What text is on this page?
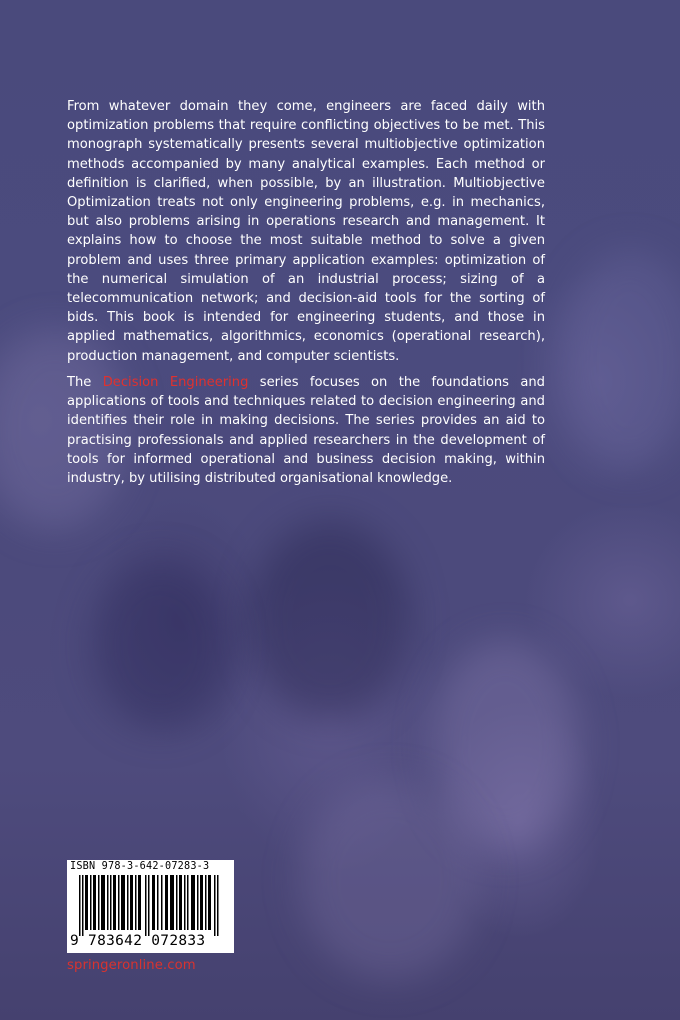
From whatever domain they come, engineers are faced daily with optimization problems that require conflicting objectives to be met. This monograph systematically presents several multiobjective optimization methods accompanied by many analytical examples. Each method or definition is clarified, when possible, by an illustration. Multiobjective Optimization treats not only engineering problems, e.g. in mechanics, but also problems arising in operations research and management. It explains how to choose the most suitable method to solve a given problem and uses three primary application examples: optimization of the numerical simulation of an industrial process; sizing of a telecommunication network; and decision-aid tools for the sorting of bids. This book is intended for engineering students, and those in applied mathematics, algorithmics, economics (operational research), production management, and computer scientists.
The Decision Engineering series focuses on the foundations and applications of tools and techniques related to decision engineering and identifies their role in making decisions. The series provides an aid to practising professionals and applied researchers in the development of tools for informed operational and business decision making, within industry, by utilising distributed organisational knowledge.
ISBN 978-3-642-07283-3
9 783642 072833
springeronline.com
